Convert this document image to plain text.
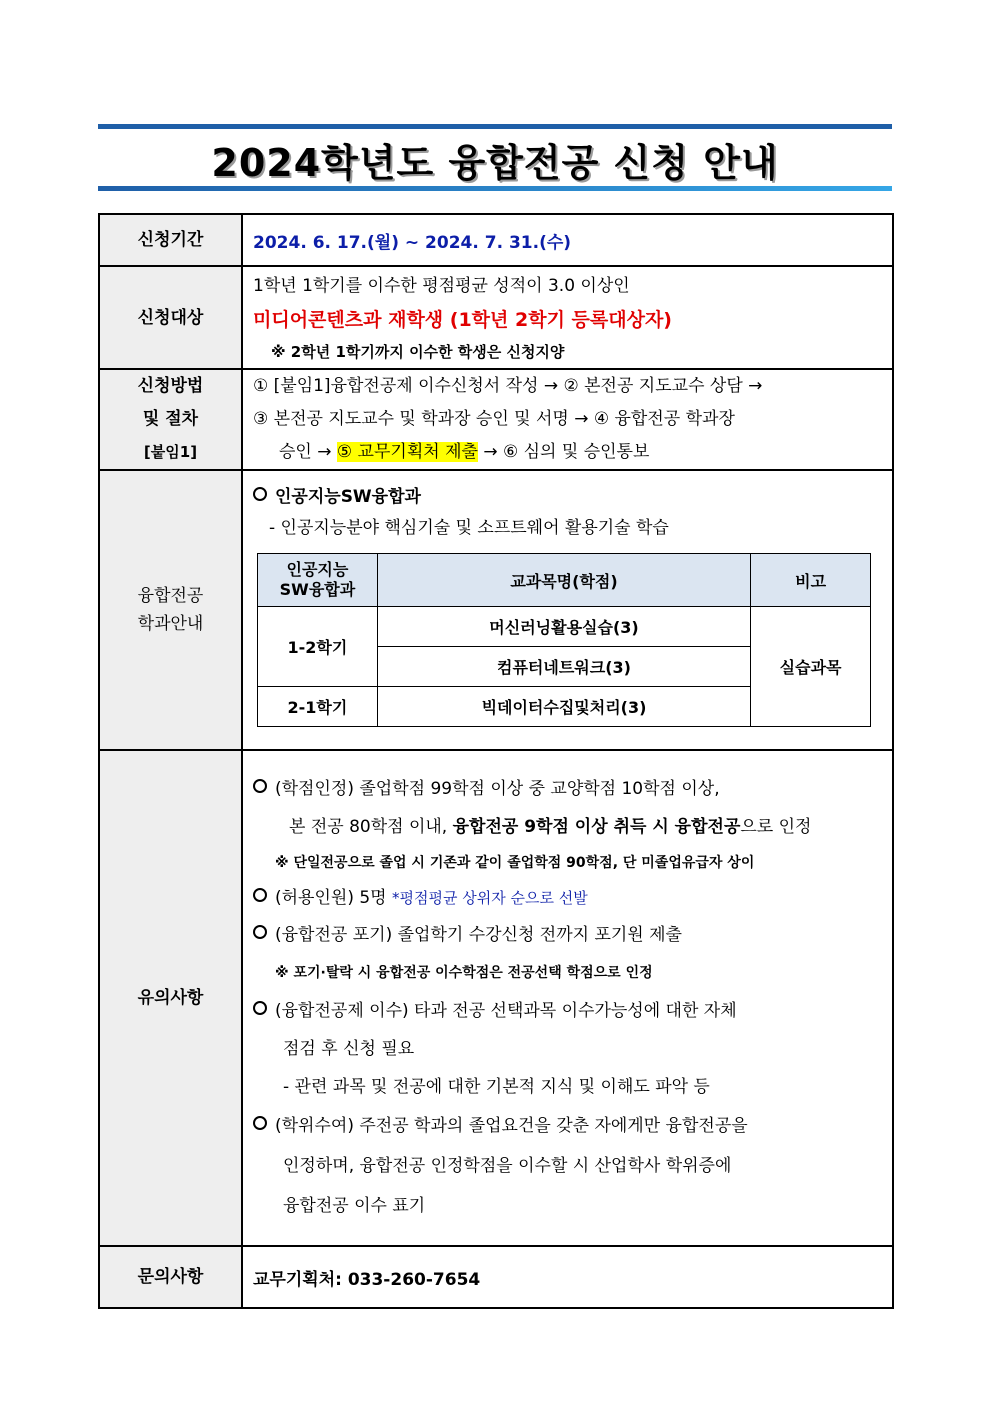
2024학년도 융합전공 신청 안내
신청기간	2024. 6. 17.(월) ~ 2024. 7. 31.(수)
신청대상	
1학년 1학기를 이수한 평점평균 성적이 3.0 이상인
미디어콘텐츠과 재학생 (1학년 2학기 등록대상자)
※ 2학년 1학기까지 이수한 학생은 신청지양

신청방법
및 절차
[붙임1]

① [붙임1]융합전공제 이수신청서 작성 → ② 본전공 지도교수 상담 →
③ 본전공 지도교수 및 학과장 승인 및 서명 → ④ 융합전공 학과장
승인 → ⑤ 교무기획처 제출 → ⑥ 심의 및 승인통보

융합전공
학과안내

인공지능SW융합과
- 인공지능분야 핵심기술 및 소프트웨어 활용기술 학습
인공지능
SW융합과	교과목명(학점)	비고
1-2학기	머신러닝활용실습(3)	실습과목
컴퓨터네트워크(3)
2-1학기	빅데이터수집및처리(3)

유의사항	
(학점인정) 졸업학점 99학점 이상 중 교양학점 10학점 이상,
본 전공 80학점 이내, 융합전공 9학점 이상 취득 시 융합전공으로 인정
※ 단일전공으로 졸업 시 기존과 같이 졸업학점 90학점, 단 미졸업유급자 상이
(허용인원) 5명 *평점평균 상위자 순으로 선발
(융합전공 포기) 졸업학기 수강신청 전까지 포기원 제출
※ 포기·탈락 시 융합전공 이수학점은 전공선택 학점으로 인정
(융합전공제 이수) 타과 전공 선택과목 이수가능성에 대한 자체
점검 후 신청 필요
- 관련 과목 및 전공에 대한 기본적 지식 및 이해도 파악 등
(학위수여) 주전공 학과의 졸업요건을 갖춘 자에게만 융합전공을
인정하며, 융합전공 인정학점을 이수할 시 산업학사 학위증에
융합전공 이수 표기

문의사항	교무기획처: 033-260-7654
